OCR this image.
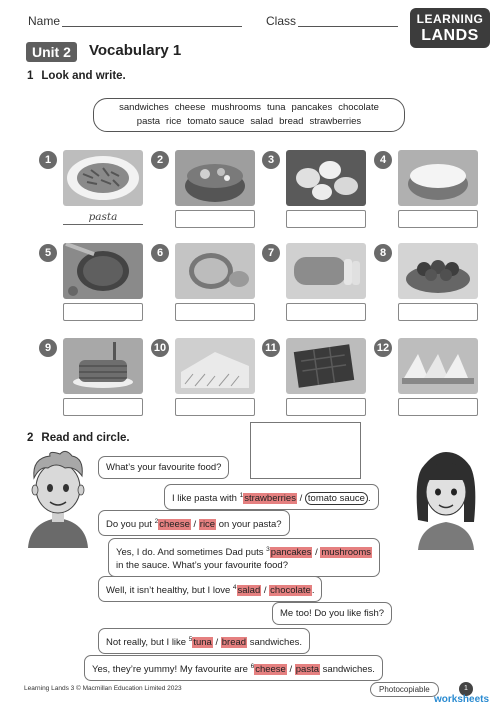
Name	Class	LEARNING
LANDS
Unit 2	Vocabulary 1
1 Look and write.
sandwiches cheese mushrooms tuna pancakes chocolate
pasta rice tomato sauce salad bread strawberries
1
pasta
2	3	4
5	6	7	8
9	10	11	12
2 Read and circle.
What’s your favourite food?
I like pasta with $^1$strawberries / tomato sauce .
Do you put $^2$cheese / rice on your pasta?
Yes, I do. And sometimes Dad puts $^3$pancakes / mushrooms
in the sauce. What’s your favourite food?
Well, it isn’t healthy, but I love $^4$salad / chocolate.
Me too! Do you like fish?
Not really, but I like $^5$tuna / bread sandwiches.
Yes, they’re yummy! My favourite are $^6$cheese / pasta sandwiches.
Learning Lands 3 © Macmillan Education Limited 2023	Photocopiable	1
worksheets
